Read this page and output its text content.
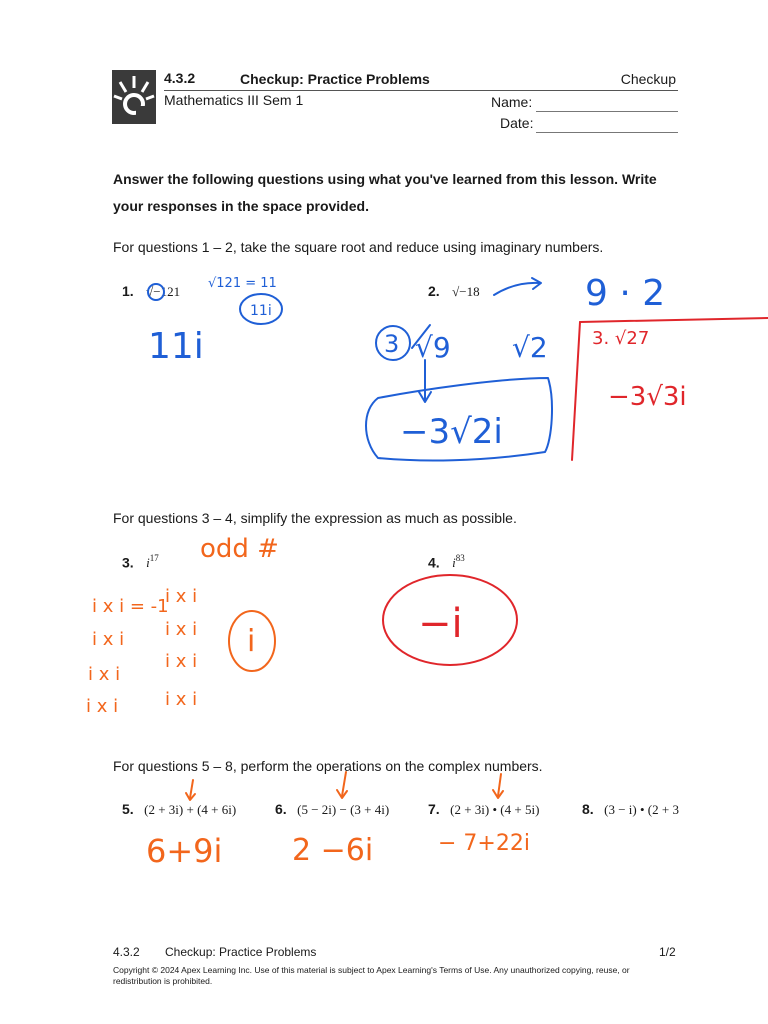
4.3.2	Checkup: Practice Problems	Checkup
Mathematics III Sem 1	Name:
Date:
Answer the following questions using what you've learned from this lesson. Write your responses in the space provided.
For questions 1 – 2, take the square root and reduce using imaginary numbers.
For questions 3 – 4, simplify the expression as much as possible.
For questions 5 – 8, perform the operations on the complex numbers.
1. √−121	2. √−18
3. $i^{17}$	4. $i^{83}$
5. (2 + 3i) + (4 + 6i)	6. (5 − 2i) − (3 + 4i)	7. (2 + 3i) • (4 + 5i)	8. (3 − i) • (2 + 3
√121 = 11
11i
11i
9 · 2
3 √9 √2
−3√2i
3. √27
−3√3i
odd #
i x i = -1
i x i
i x i
i x i
i x i
i x i
i x i
i x i
i	−i
6+9i 2 −6i	− 7+22i
4.3.2 Checkup: Practice Problems	1/2
Copyright © 2024 Apex Learning Inc. Use of this material is subject to Apex Learning's Terms of Use. Any unauthorized copying, reuse, or redistribution is prohibited.
